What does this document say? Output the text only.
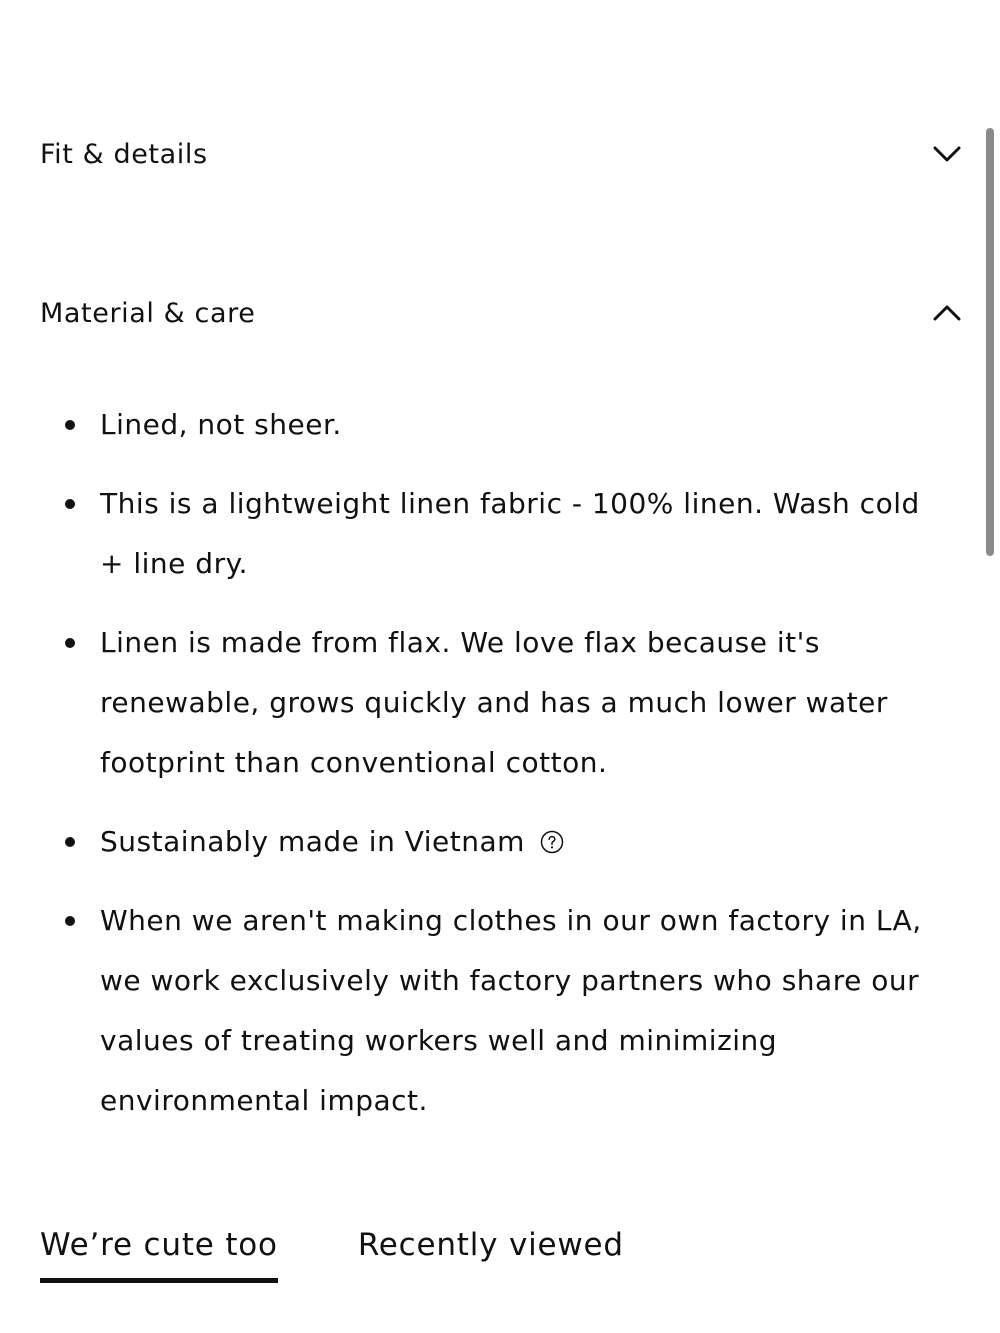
Fit & details
Material & care
Lined, not sheer.
This is a lightweight linen fabric - 100% linen. Wash cold + line dry.
Linen is made from flax. We love flax because it's renewable, grows quickly and has a much lower water footprint than conventional cotton.
Sustainably made in Vietnam
When we aren't making clothes in our own factory in LA, we work exclusively with factory partners who share our values of treating workers well and minimizing environmental impact.
We’re cute too	Recently viewed
